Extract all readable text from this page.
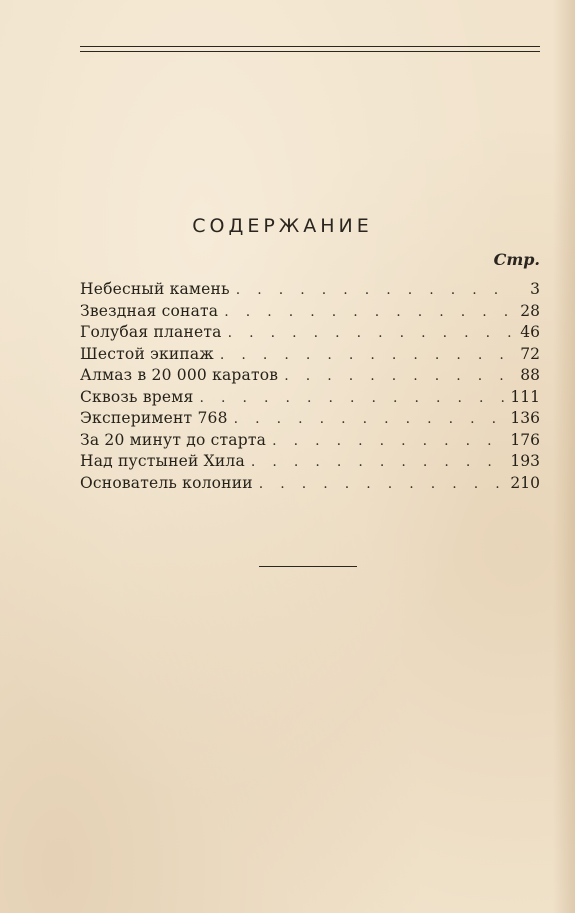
СОДЕРЖАНИЕ
Стр.
Небесный камень . . .	3
Звездная соната . . .	28
Голубая планета . . .	46
Шестой экипаж . . .	72
Алмаз в 20 000 каратов . . .	88
Сквозь время . . .	111
Эксперимент 768 . . .	136
За 20 минут до старта . . .	176
Над пустыней Хила . . .	193
Основатель колонии . . .	210
